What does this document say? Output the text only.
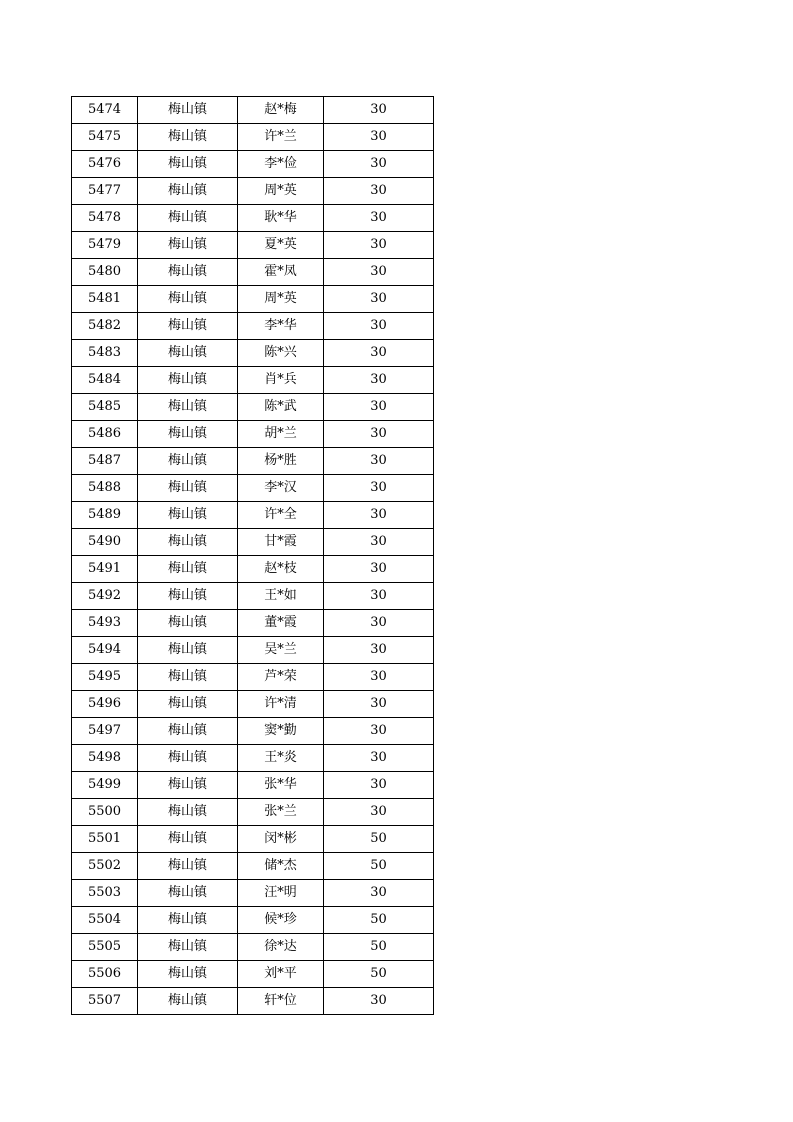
5474	梅山镇	赵*梅	30
5475	梅山镇	许*兰	30
5476	梅山镇	李*俭	30
5477	梅山镇	周*英	30
5478	梅山镇	耿*华	30
5479	梅山镇	夏*英	30
5480	梅山镇	霍*凤	30
5481	梅山镇	周*英	30
5482	梅山镇	李*华	30
5483	梅山镇	陈*兴	30
5484	梅山镇	肖*兵	30
5485	梅山镇	陈*武	30
5486	梅山镇	胡*兰	30
5487	梅山镇	杨*胜	30
5488	梅山镇	李*汉	30
5489	梅山镇	许*全	30
5490	梅山镇	甘*霞	30
5491	梅山镇	赵*枝	30
5492	梅山镇	王*如	30
5493	梅山镇	董*霞	30
5494	梅山镇	吴*兰	30
5495	梅山镇	芦*荣	30
5496	梅山镇	许*清	30
5497	梅山镇	窦*勤	30
5498	梅山镇	王*炎	30
5499	梅山镇	张*华	30
5500	梅山镇	张*兰	30
5501	梅山镇	闵*彬	50
5502	梅山镇	储*杰	50
5503	梅山镇	汪*明	30
5504	梅山镇	候*珍	50
5505	梅山镇	徐*达	50
5506	梅山镇	刘*平	50
5507	梅山镇	轩*位	30
